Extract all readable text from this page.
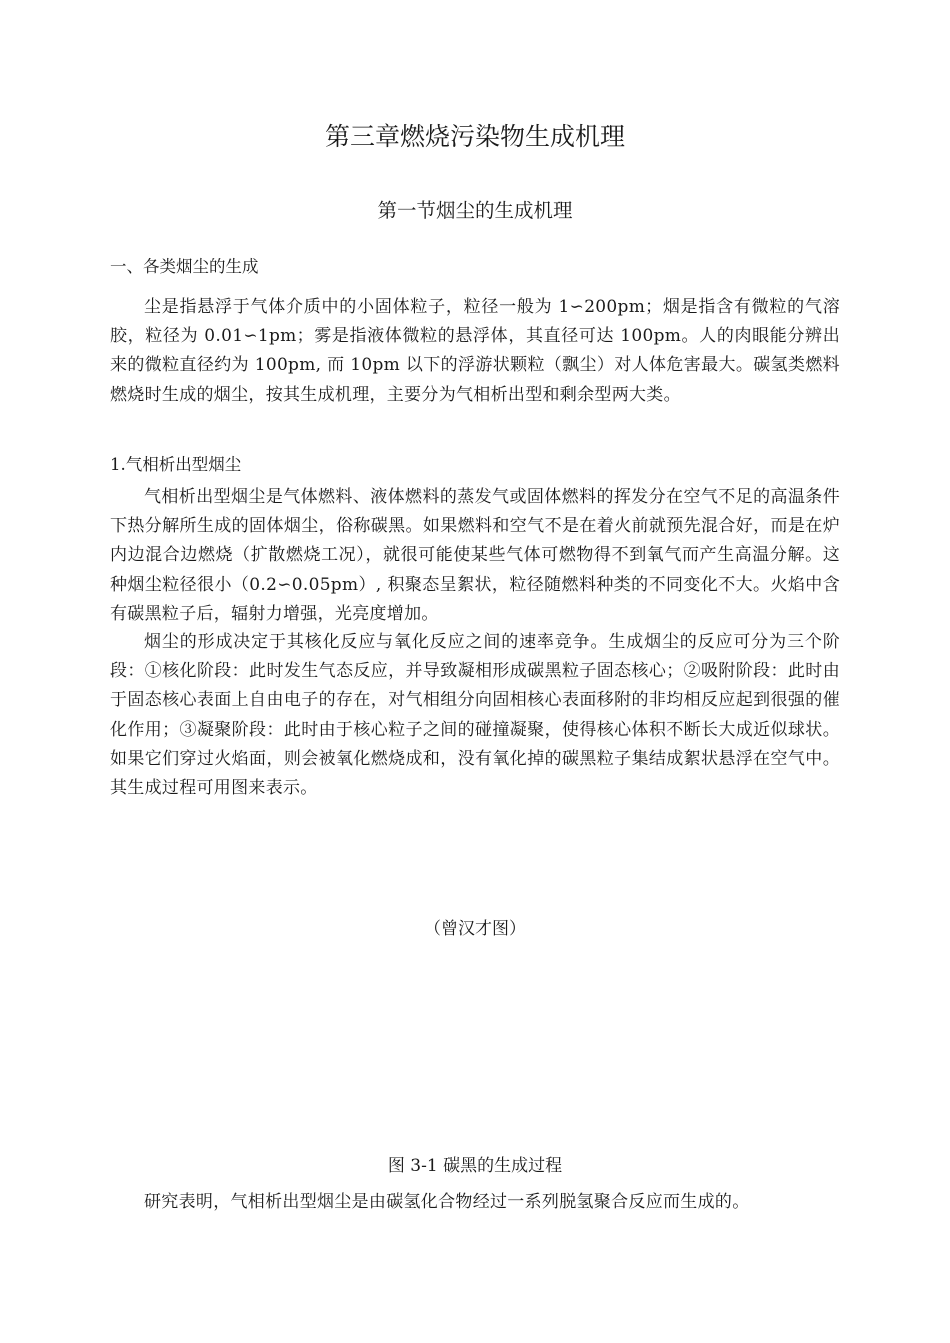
第三章燃烧污染物生成机理
第一节烟尘的生成机理
一、各类烟尘的生成

尘是指悬浮于气体介质中的小固体粒子，粒径一般为 1∽200pm；烟是指含有微粒的气溶胶，粒径为 0.01∽1pm；雾是指液体微粒的悬浮体，其直径可达 100pm。人的肉眼能分辨出来的微粒直径约为 100pm, 而 10pm 以下的浮游状颗粒（飘尘）对人体危害最大。碳氢类燃料燃烧时生成的烟尘，按其生成机理，主要分为气相析出型和剩余型两大类。

1.气相析出型烟尘

气相析出型烟尘是气体燃料、液体燃料的蒸发气或固体燃料的挥发分在空气不足的高温条件下热分解所生成的固体烟尘，俗称碳黑。如果燃料和空气不是在着火前就预先混合好，而是在炉内边混合边燃烧（扩散燃烧工况），就很可能使某些气体可燃物得不到氧气而产生高温分解。这种烟尘粒径很小（0.2∽0.05pm）, 积聚态呈絮状，粒径随燃料种类的不同变化不大。火焰中含有碳黑粒子后，辐射力增强，光亮度增加。

烟尘的形成决定于其核化反应与氧化反应之间的速率竞争。生成烟尘的反应可分为三个阶段：①核化阶段：此时发生气态反应，并导致凝相形成碳黑粒子固态核心；②吸附阶段：此时由于固态核心表面上自由电子的存在，对气相组分向固相核心表面移附的非均相反应起到很强的催化作用；③凝聚阶段：此时由于核心粒子之间的碰撞凝聚，使得核心体积不断长大成近似球状。如果它们穿过火焰面，则会被氧化燃烧成和，没有氧化掉的碳黑粒子集结成絮状悬浮在空气中。其生成过程可用图来表示。

（曾汉才图）

图 3-1 碳黑的生成过程

研究表明，气相析出型烟尘是由碳氢化合物经过一系列脱氢聚合反应而生成的。
